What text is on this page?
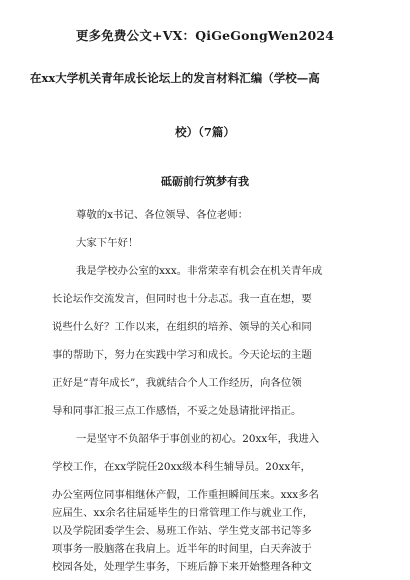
更多免费公文+VX：QiGeGongWen2024
在xx大学机关青年成长论坛上的发言材料汇编（学校—高
校）（7篇）
砥砺前行筑梦有我
尊敬的x书记、各位领导、各位老师：
大家下午好！
我是学校办公室的xxx。非常荣幸有机会在机关青年成
长论坛作交流发言，但同时也十分忐忑。我一直在想，要
说些什么好？工作以来，在组织的培养、领导的关心和同
事的帮助下，努力在实践中学习和成长。今天论坛的主题
正好是“青年成长”，我就结合个人工作经历，向各位领
导和同事汇报三点工作感悟，不妥之处恳请批评指正。
一是坚守不负韶华于事创业的初心。20xx年，我进入
学校工作，在xx学院任20xx级本科生辅导员。20xx年，
办公室两位同事相继休产假，工作重担瞬间压来。xxx多名
应届生、xx余名往届延毕生的日常管理工作与就业工作，
以及学院团委学生会、易班工作站、学生党支部书记等多
项事务一股脑落在我肩上。近半年的时间里，白天奔波于
校园各处，处理学生事务，下班后静下来开始整理各种文
